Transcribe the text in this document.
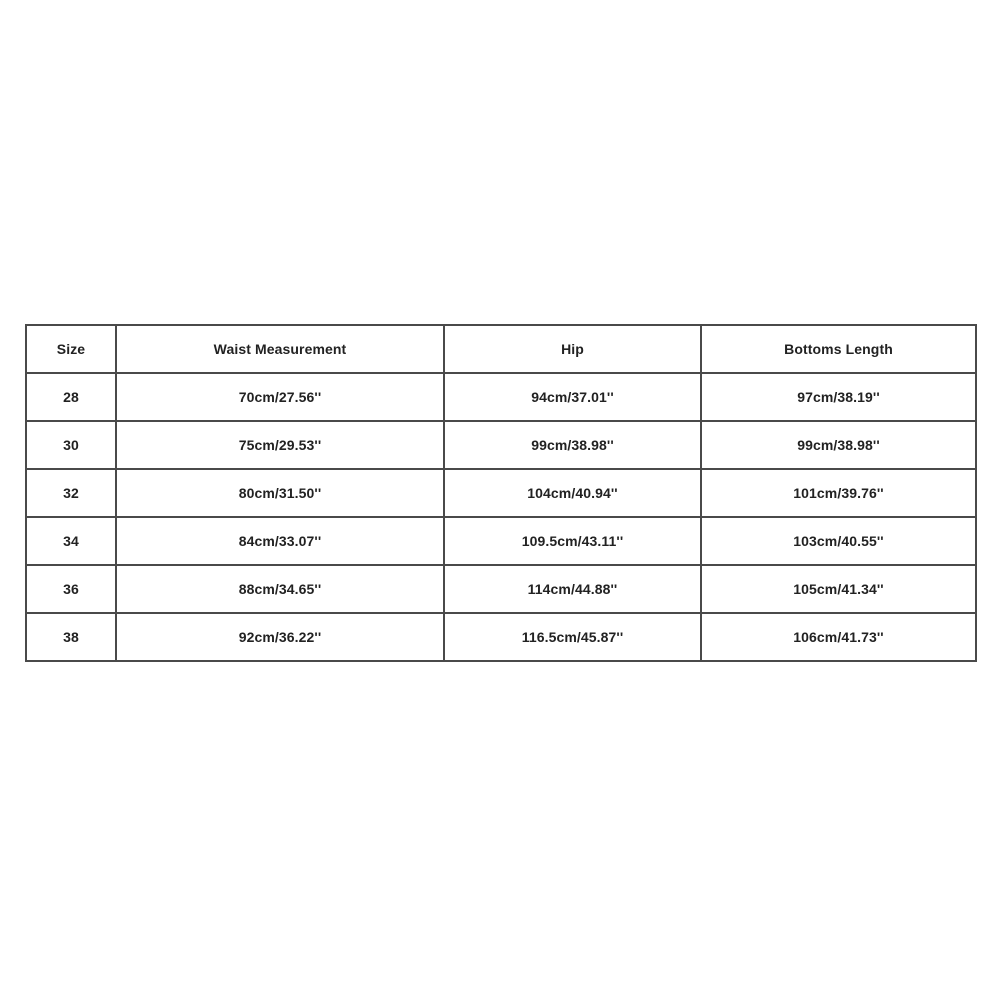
Size	Waist Measurement	Hip	Bottoms Length
28	70cm/27.56''	94cm/37.01''	97cm/38.19''
30	75cm/29.53''	99cm/38.98''	99cm/38.98''
32	80cm/31.50''	104cm/40.94''	101cm/39.76''
34	84cm/33.07''	109.5cm/43.11''	103cm/40.55''
36	88cm/34.65''	114cm/44.88''	105cm/41.34''
38	92cm/36.22''	116.5cm/45.87''	106cm/41.73''
